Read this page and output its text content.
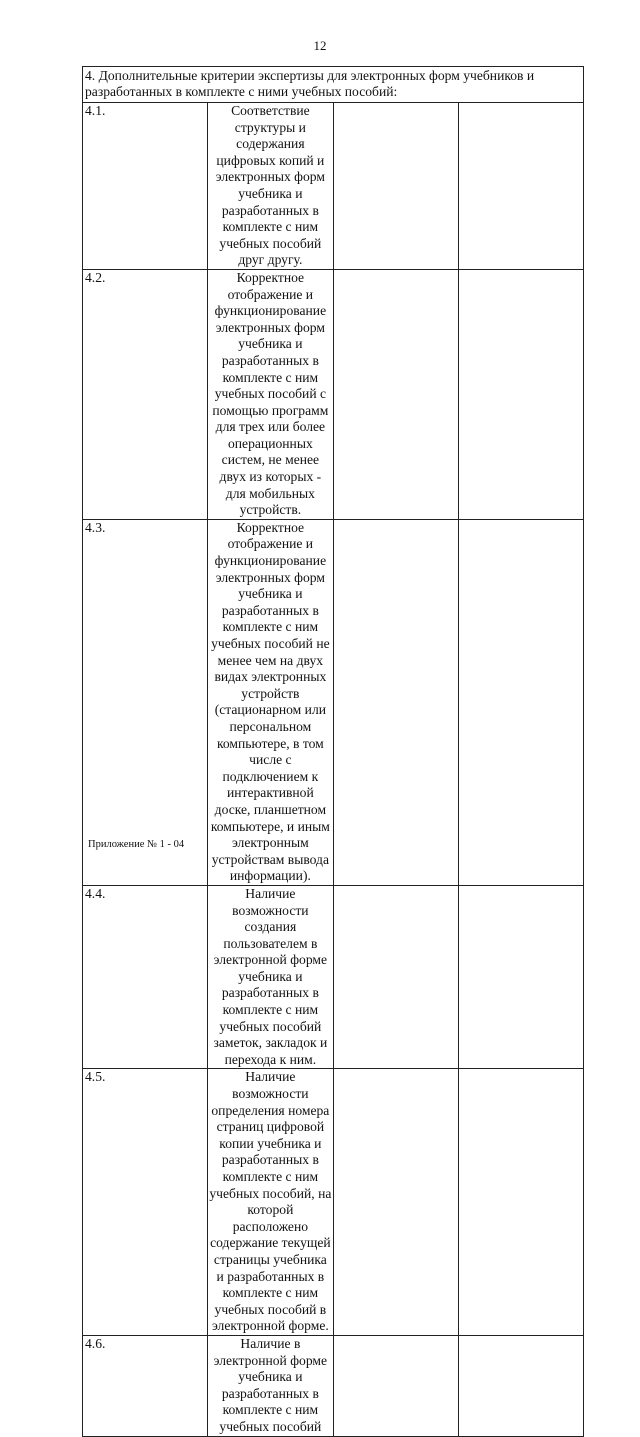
12
4. Дополнительные критерии экспертизы для электронных форм учебников и разработанных в комплекте с ними учебных пособий:			
4.1.	Соответствие структуры и содержания цифровых копий и электронных форм учебника и разработанных в комплекте с ним учебных пособий друг другу.		
4.2.	Корректное отображение и функционирование электронных форм учебника и разработанных в комплекте с ним учебных пособий с помощью программ для трех или более операционных систем, не менее двух из которых - для мобильных устройств.		
4.3.	Корректное отображение и функционирование электронных форм учебника и разработанных в комплекте с ним учебных пособий не менее чем на двух видах электронных устройств (стационарном или персональном компьютере, в том числе с подключением к интерактивной доске, планшетном компьютере, и иным электронным устройствам вывода информации).		
4.4.	Наличие возможности создания пользователем в электронной форме учебника и разработанных в комплекте с ним учебных пособий заметок, закладок и перехода к ним.		
4.5.	Наличие возможности определения номера страниц цифровой копии учебника и разработанных в комплекте с ним учебных пособий, на которой расположено содержание текущей страницы учебника и разработанных в комплекте с ним учебных пособий в электронной форме.		
4.6.	Наличие в электронной форме учебника и разработанных в комплекте с ним учебных пособий		
Приложение № 1 - 04
